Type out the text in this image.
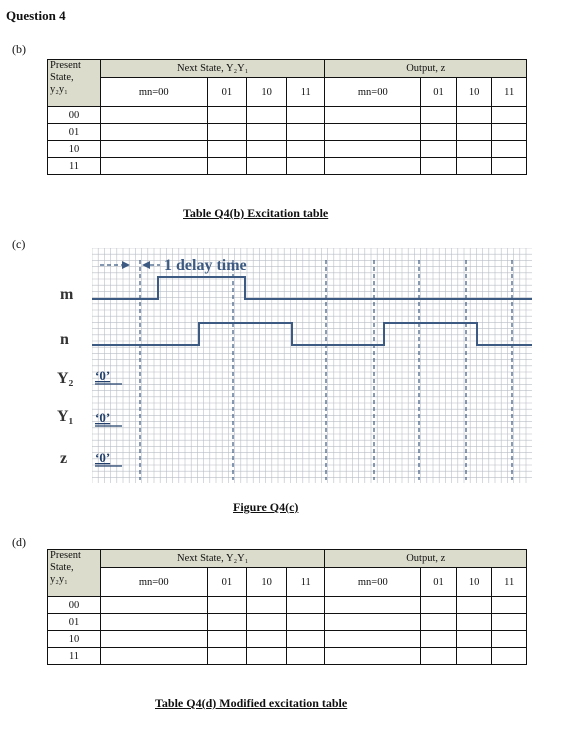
Question 4
(b)
Present
State,
y₂y₁	Next State, Y₂Y₁				Output, z			
	mn=00	01	10	11	mn=00	01	10	11
00								
01								
10								
11								
Table Q4(b) Excitation table
(c)
m
n
Y₂
Y₁
z
1 delay time
‘0’
‘0’
‘0’
Figure Q4(c)
(d)
Present
State,
y₂y₁	Next State, Y₂Y₁				Output, z			
	mn=00	01	10	11	mn=00	01	10	11
00								
01								
10								
11								
Table Q4(d) Modified excitation table
